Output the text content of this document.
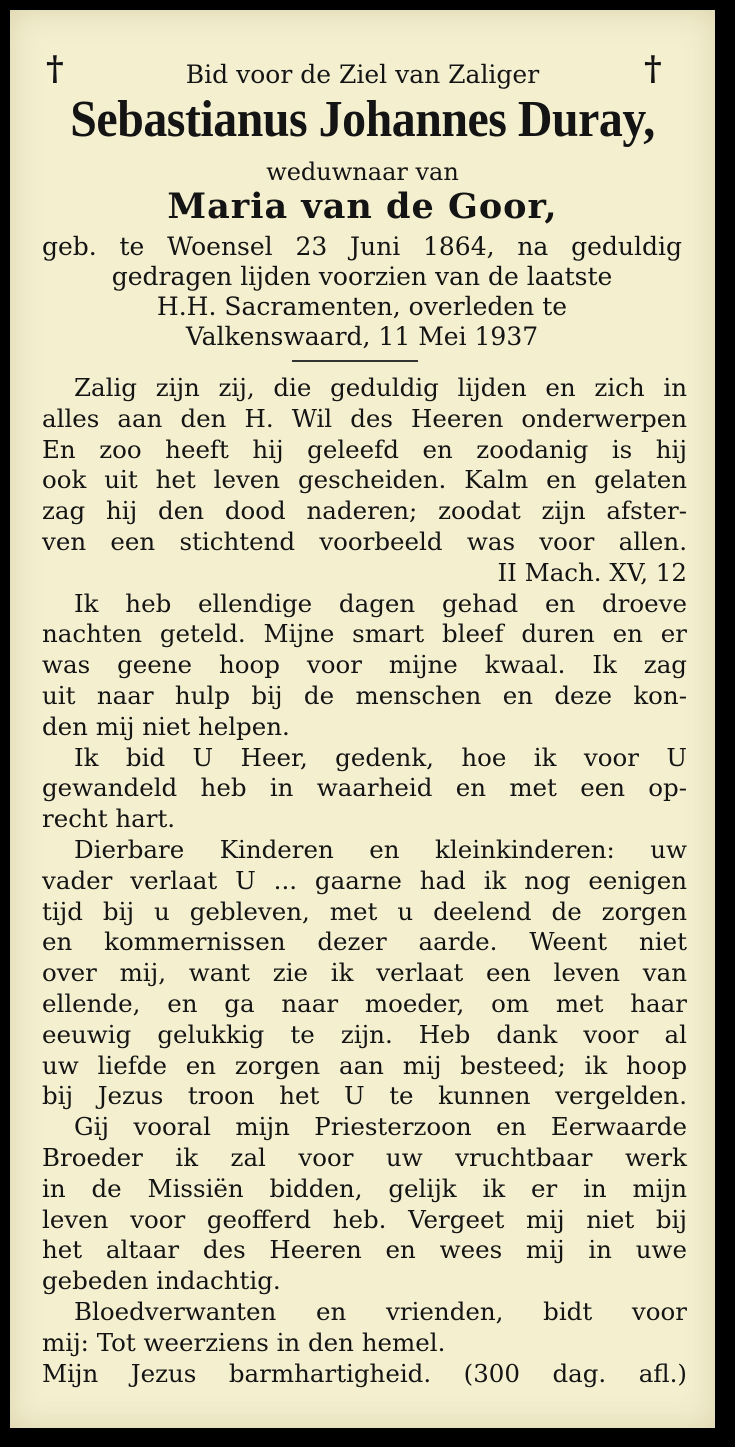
†	†
Bid voor de Ziel van Zaliger
Sebastianus Johannes Duray,
weduwnaar van
Maria van de Goor,
geb. te Woensel 23 Juni 1864, na geduldig
gedragen lijden voorzien van de laatste
H.H. Sacramenten, overleden te
Valkenswaard, 11 Mei 1937
Zalig zijn zij, die geduldig lijden en zich in
alles aan den H. Wil des Heeren onderwerpen
En zoo heeft hij geleefd en zoodanig is hij
ook uit het leven gescheiden. Kalm en gelaten
zag hij den dood naderen; zoodat zijn afster-
ven een stichtend voorbeeld was voor allen.
II Mach. XV, 12
Ik heb ellendige dagen gehad en droeve
nachten geteld. Mijne smart bleef duren en er
was geene hoop voor mijne kwaal. Ik zag
uit naar hulp bij de menschen en deze kon-
den mij niet helpen.
Ik bid U Heer, gedenk, hoe ik voor U
gewandeld heb in waarheid en met een op-
recht hart.
Dierbare Kinderen en kleinkinderen: uw
vader verlaat U ... gaarne had ik nog eenigen
tijd bij u gebleven, met u deelend de zorgen
en kommernissen dezer aarde. Weent niet
over mij, want zie ik verlaat een leven van
ellende, en ga naar moeder, om met haar
eeuwig gelukkig te zijn. Heb dank voor al
uw liefde en zorgen aan mij besteed; ik hoop
bij Jezus troon het U te kunnen vergelden.
Gij vooral mijn Priesterzoon en Eerwaarde
Broeder ik zal voor uw vruchtbaar werk
in de Missiën bidden, gelijk ik er in mijn
leven voor geofferd heb. Vergeet mij niet bij
het altaar des Heeren en wees mij in uwe
gebeden indachtig.
Bloedverwanten en vrienden, bidt voor
mij: Tot weerziens in den hemel.
Mijn Jezus barmhartigheid. (300 dag. afl.)
